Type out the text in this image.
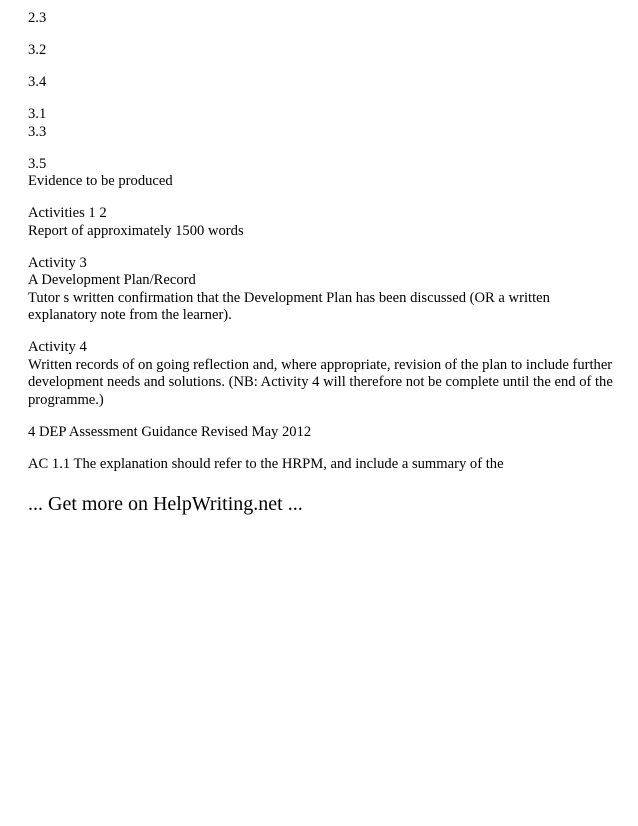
2.3
3.2
3.4
3.1
3.3
3.5
Evidence to be produced
Activities 1 2
Report of approximately 1500 words
Activity 3
A Development Plan/Record
Tutor s written confirmation that the Development Plan has been discussed (OR a written explanatory note from the learner).
Activity 4
Written records of on going reflection and, where appropriate, revision of the plan to include further development needs and solutions. (NB: Activity 4 will therefore not be complete until the end of the programme.)
4 DEP Assessment Guidance Revised May 2012
AC 1.1 The explanation should refer to the HRPM, and include a summary of the
... Get more on HelpWriting.net ...
